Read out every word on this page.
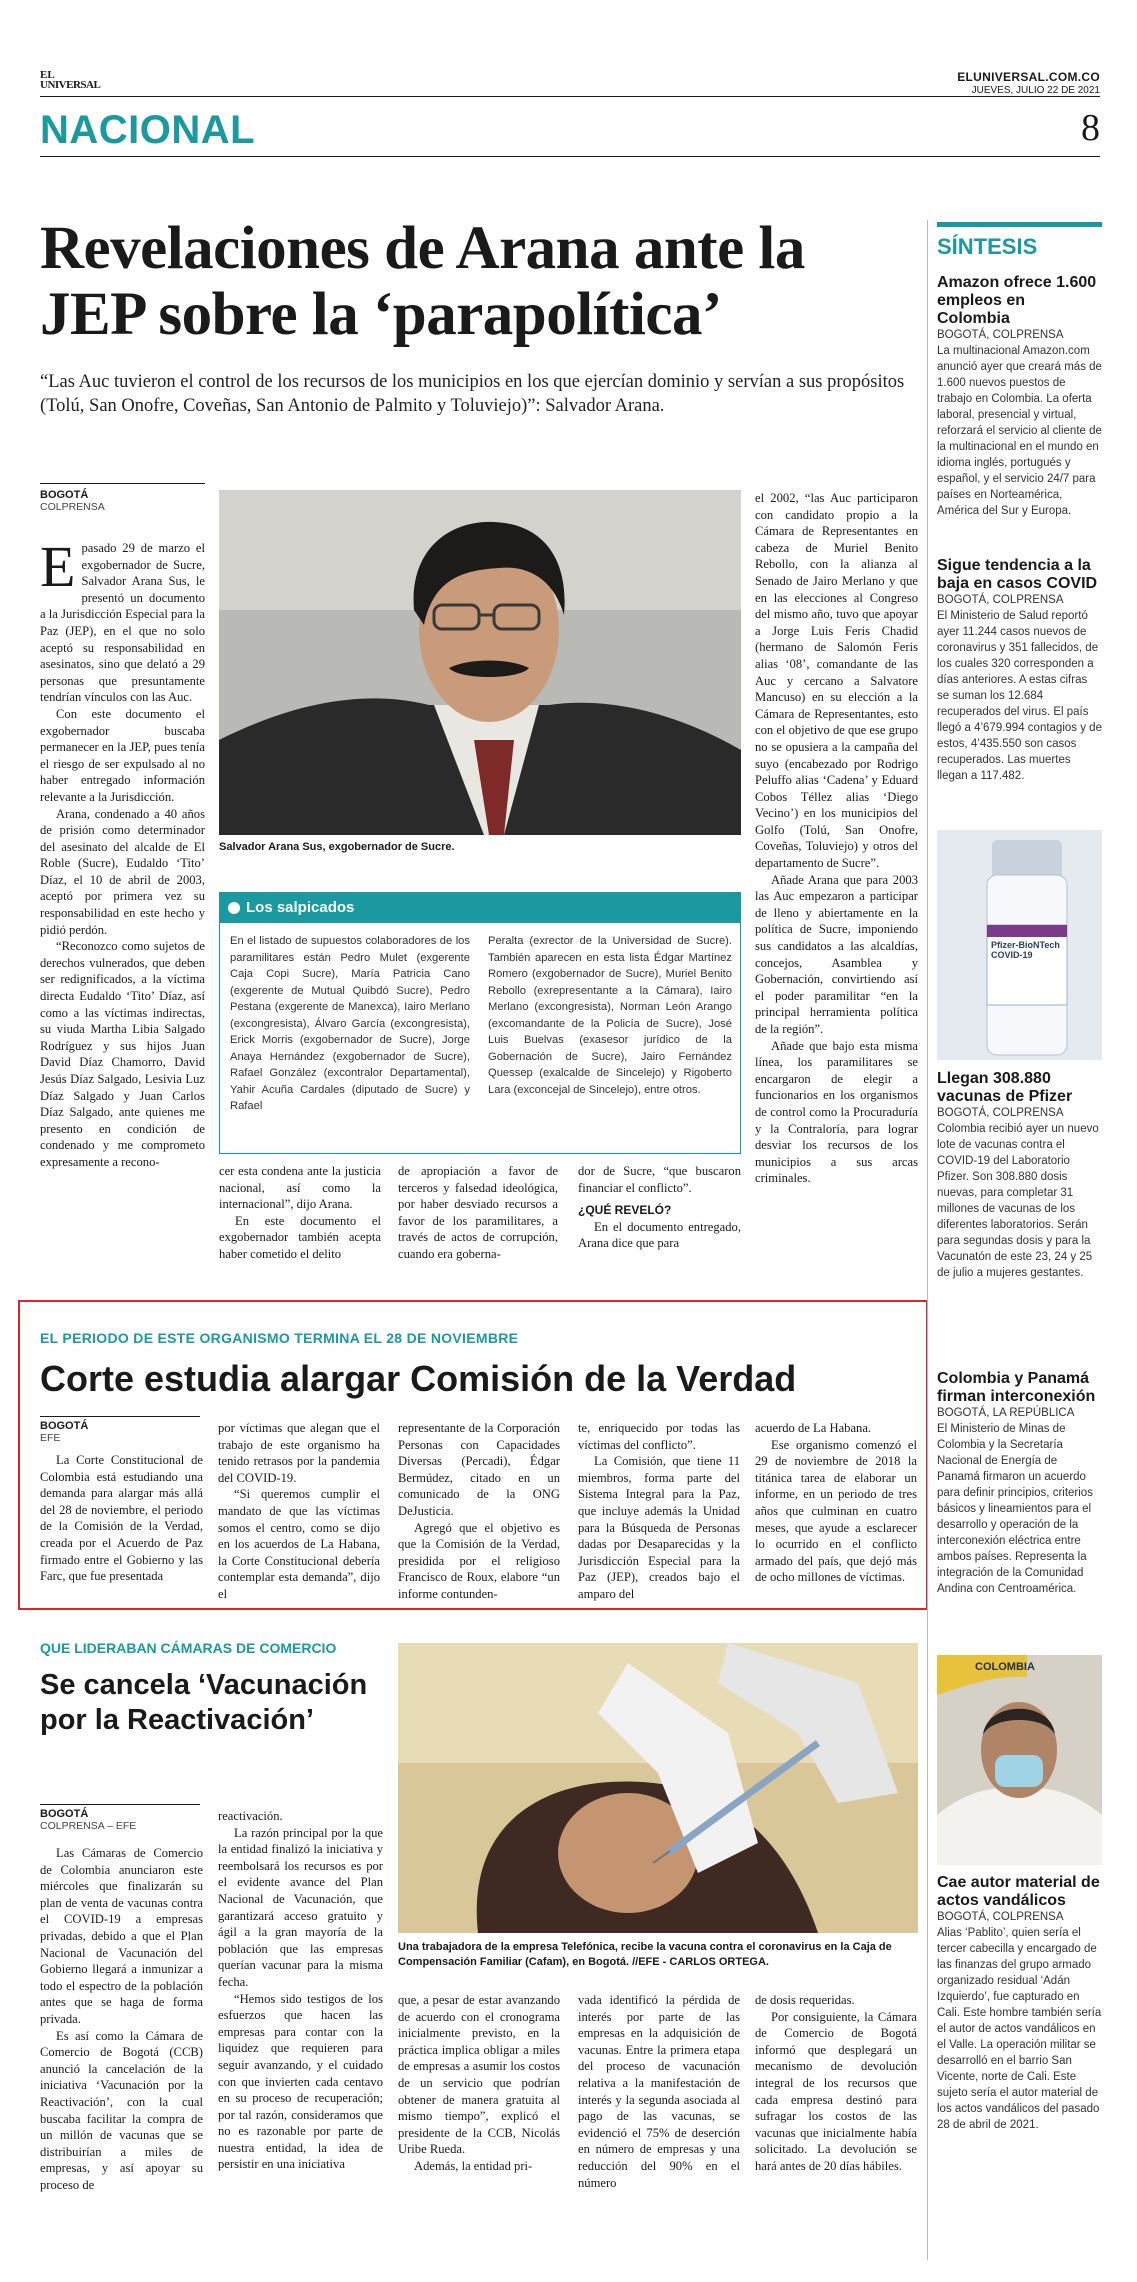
EL
UNIVERSAL
ELUNIVERSAL.COM.CO
JUEVES, JULIO 22 DE 2021
NACIONAL	8
Revelaciones de Arana ante la JEP sobre la ‘parapolítica’
“Las Auc tuvieron el control de los recursos de los municipios en los que ejercían dominio y servían a sus propósitos (Tolú, San Onofre, Coveñas, San Antonio de Palmito y Toluviejo)”: Salvador Arana.
BOGOTÁ
COLPRENSA

E pasado 29 de marzo el exgobernador de Sucre, Salvador Arana Sus, le presentó un documento a la Jurisdicción Especial para la Paz (JEP), en el que no solo aceptó su responsabilidad en asesinatos, sino que delató a 29 personas que presuntamente tendrían vínculos con las Auc.

Con este documento el exgobernador buscaba permanecer en la JEP, pues tenía el riesgo de ser expulsado al no haber entregado información relevante a la Jurisdicción.

Arana, condenado a 40 años de prisión como determinador del asesinato del alcalde de El Roble (Sucre), Eudaldo ‘Tito’ Díaz, el 10 de abril de 2003, aceptó por primera vez su responsabilidad en este hecho y pidió perdón.

“Reconozco como sujetos de derechos vulnerados, que deben ser redignificados, a la víctima directa Eudaldo ‘Tito’ Díaz, así como a las víctimas indirectas, su viuda Martha Libia Salgado Rodríguez y sus hijos Juan David Díaz Chamorro, David Jesús Díaz Salgado, Lesivia Luz Díaz Salgado y Juan Carlos Díaz Salgado, ante quienes me presento en condición de condenado y me comprometo expresamente a recono-

Salvador Arana Sus, exgobernador de Sucre.
Los salpicados
En el listado de supuestos colaboradores de los paramilitares están Pedro Mulet (exgerente Caja Copi Sucre), María Patricia Cano (exgerente de Mutual Quibdó Sucre), Pedro Pestana (exgerente de Manexca), Iairo Merlano (excongresista), Álvaro García (excongresista), Erick Morris (exgobernador de Sucre), Jorge Anaya Hernández (exgobernador de Sucre), Rafael González (excontralor Departamental), Yahir Acuña Cardales (diputado de Sucre) y Rafael
Peralta (exrector de la Universidad de Sucre). También aparecen en esta lista Édgar Martínez Romero (exgobernador de Sucre), Muriel Benito Rebollo (exrepresentante a la Cámara), Iairo Merlano (excongresista), Norman León Arango (excomandante de la Policía de Sucre), José Luis Buelvas (exasesor jurídico de la Gobernación de Sucre), Jairo Fernández Quessep (exalcalde de Sincelejo) y Rigoberto Lara (exconcejal de Sincelejo), entre otros.

cer esta condena ante la justicia nacional, así como la internacional”, dijo Arana.

En este documento el exgobernador también acepta haber cometido el delito

de apropiación a favor de terceros y falsedad ideológica, por haber desviado recursos a favor de los paramilitares, a través de actos de corrupción, cuando era goberna-

dor de Sucre, “que buscaron financiar el conflicto”.

¿QUÉ REVELÓ?

En el documento entregado, Arana dice que para

el 2002, “las Auc participaron con candidato propio a la Cámara de Representantes en cabeza de Muriel Benito Rebollo, con la alianza al Senado de Jairo Merlano y que en las elecciones al Congreso del mismo año, tuvo que apoyar a Jorge Luis Feris Chadid (hermano de Salomón Feris alias ‘08’, comandante de las Auc y cercano a Salvatore Mancuso) en su elección a la Cámara de Representantes, esto con el objetivo de que ese grupo no se opusiera a la campaña del suyo (encabezado por Rodrigo Peluffo alias ‘Cadena’ y Eduard Cobos Téllez alias ‘Diego Vecino’) en los municipios del Golfo (Tolú, San Onofre, Coveñas, Toluviejo) y otros del departamento de Sucre”.

Añade Arana que para 2003 las Auc empezaron a participar de lleno y abiertamente en la política de Sucre, imponiendo sus candidatos a las alcaldías, concejos, Asamblea y Gobernación, convirtiendo así el poder paramilitar “en la principal herramienta política de la región”.

Añade que bajo esta misma línea, los paramilitares se encargaron de elegir a funcionarios en los organismos de control como la Procuraduría y la Contraloría, para lograr desviar los recursos de los municipios a sus arcas criminales.

EL PERIODO DE ESTE ORGANISMO TERMINA EL 28 DE NOVIEMBRE
Corte estudia alargar Comisión de la Verdad
BOGOTÁ
EFE

La Corte Constitucional de Colombia está estudiando una demanda para alargar más allá del 28 de noviembre, el periodo de la Comisión de la Verdad, creada por el Acuerdo de Paz firmado entre el Gobierno y las Farc, que fue presentada

por víctimas que alegan que el trabajo de este organismo ha tenido retrasos por la pandemia del COVID-19.

“Si queremos cumplir el mandato de que las víctimas somos el centro, como se dijo en los acuerdos de La Habana, la Corte Constitucional debería contemplar esta demanda”, dijo el

representante de la Corporación Personas con Capacidades Diversas (Percadi), Édgar Bermúdez, citado en un comunicado de la ONG DeJusticia.

Agregó que el objetivo es que la Comisión de la Verdad, presidida por el religioso Francisco de Roux, elabore “un informe contunden-

te, enriquecido por todas las víctimas del conflicto”.

La Comisión, que tiene 11 miembros, forma parte del Sistema Integral para la Paz, que incluye además la Unidad para la Búsqueda de Personas dadas por Desaparecidas y la Jurisdicción Especial para la Paz (JEP), creados bajo el amparo del

acuerdo de La Habana.

Ese organismo comenzó el 29 de noviembre de 2018 la titánica tarea de elaborar un informe, en un periodo de tres años que culminan en cuatro meses, que ayude a esclarecer lo ocurrido en el conflicto armado del país, que dejó más de ocho millones de víctimas.

QUE LIDERABAN CÁMARAS DE COMERCIO
Se cancela ‘Vacunación por la Reactivación’
BOGOTÁ
COLPRENSA – EFE

Las Cámaras de Comercio de Colombia anunciaron este miércoles que finalizarán su plan de venta de vacunas contra el COVID-19 a empresas privadas, debido a que el Plan Nacional de Vacunación del Gobierno llegará a inmunizar a todo el espectro de la población antes que se haga de forma privada.

Es así como la Cámara de Comercio de Bogotá (CCB) anunció la cancelación de la iniciativa ‘Vacunación por la Reactivación’, con la cual buscaba facilitar la compra de un millón de vacunas que se distribuirían a miles de empresas, y así apoyar su proceso de

reactivación.

La razón principal por la que la entidad finalizó la iniciativa y reembolsará los recursos es por el evidente avance del Plan Nacional de Vacunación, que garantizará acceso gratuito y ágil a la gran mayoría de la población que las empresas querían vacunar para la misma fecha.

“Hemos sido testigos de los esfuerzos que hacen las empresas para contar con la liquidez que requieren para seguir avanzando, y el cuidado con que invierten cada centavo en su proceso de recuperación; por tal razón, consideramos que no es razonable por parte de nuestra entidad, la idea de persistir en una iniciativa

Una trabajadora de la empresa Telefónica, recibe la vacuna contra el coronavirus en la Caja de Compensación Familiar (Cafam), en Bogotá. //EFE - CARLOS ORTEGA.

que, a pesar de estar avanzando de acuerdo con el cronograma inicialmente previsto, en la práctica implica obligar a miles de empresas a asumir los costos de un servicio que podrían obtener de manera gratuita al mismo tiempo”, explicó el presidente de la CCB, Nicolás Uribe Rueda.

Además, la entidad pri-

vada identificó la pérdida de interés por parte de las empresas en la adquisición de vacunas. Entre la primera etapa del proceso de vacunación relativa a la manifestación de interés y la segunda asociada al pago de las vacunas, se evidenció el 75% de deserción en número de empresas y una reducción del 90% en el número

de dosis requeridas.

Por consiguiente, la Cámara de Comercio de Bogotá informó que desplegará un mecanismo de devolución integral de los recursos que cada empresa destinó para sufragar los costos de las vacunas que inicialmente había solicitado. La devolución se hará antes de 20 días hábiles.

SÍNTESIS
Amazon ofrece 1.600 empleos en Colombia
BOGOTÁ, COLPRENSA
La multinacional Amazon.com anunció ayer que creará más de 1.600 nuevos puestos de trabajo en Colombia. La oferta laboral, presencial y virtual, reforzará el servicio al cliente de la multinacional en el mundo en idioma inglés, portugués y español, y el servicio 24/7 para países en Norteamérica, América del Sur y Europa.
Sigue tendencia a la baja en casos COVID
BOGOTÁ, COLPRENSA
El Ministerio de Salud reportó ayer 11.244 casos nuevos de coronavirus y 351 fallecidos, de los cuales 320 corresponden a días anteriores. A estas cifras se suman los 12.684 recuperados del virus. El país llegó a 4’679.994 contagios y de estos, 4’435.550 son casos recuperados. Las muertes llegan a 117.482.
Pfizer-BioNTech COVID-19
Llegan 308.880 vacunas de Pfizer
BOGOTÁ, COLPRENSA
Colombia recibió ayer un nuevo lote de vacunas contra el COVID-19 del Laboratorio Pfizer. Son 308.880 dosis nuevas, para completar 31 millones de vacunas de los diferentes laboratorios. Serán para segundas dosis y para la Vacunatón de este 23, 24 y 25 de julio a mujeres gestantes.
Colombia y Panamá firman interconexión
BOGOTÁ, LA REPÚBLICA
El Ministerio de Minas de Colombia y la Secretaría Nacional de Energía de Panamá firmaron un acuerdo para definir principios, criterios básicos y lineamientos para el desarrollo y operación de la interconexión eléctrica entre ambos países. Representa la integración de la Comunidad Andina con Centroamérica.
COLOMBIA
Cae autor material de actos vandálicos
BOGOTÁ, COLPRENSA
Alias ‘Pablito’, quien sería el tercer cabecilla y encargado de las finanzas del grupo armado organizado residual ‘Adán Izquierdo’, fue capturado en Cali. Este hombre también sería el autor de actos vandálicos en el Valle. La operación militar se desarrolló en el barrio San Vicente, norte de Cali. Este sujeto sería el autor material de los actos vandálicos del pasado 28 de abril de 2021.
